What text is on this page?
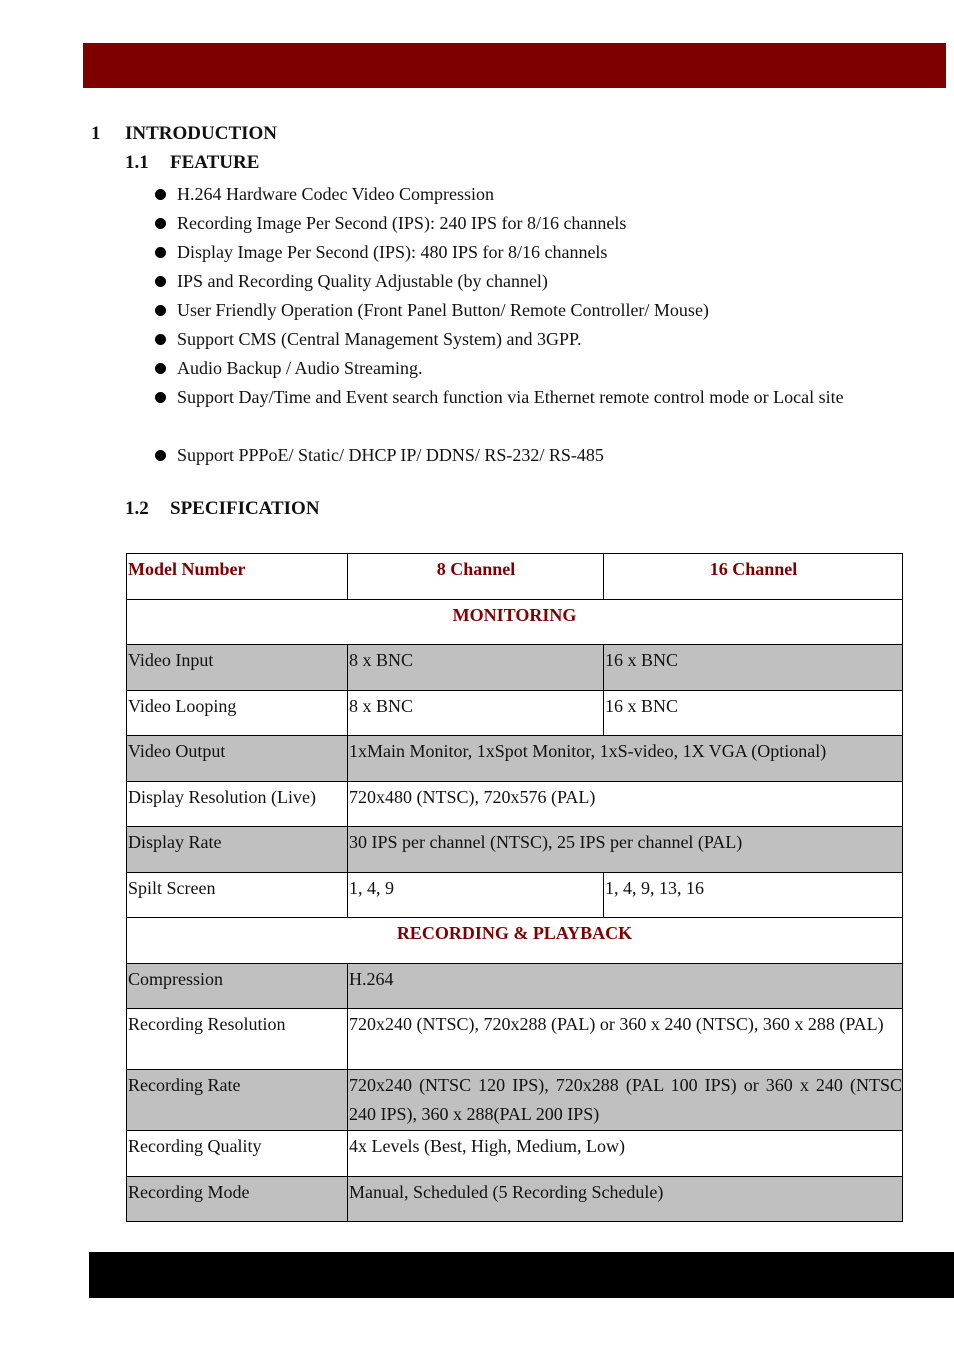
1 INTRODUCTION
1.1 FEATURE
H.264 Hardware Codec Video Compression
Recording Image Per Second (IPS): 240 IPS for 8/16 channels
Display Image Per Second (IPS): 480 IPS for 8/16 channels
IPS and Recording Quality Adjustable (by channel)
User Friendly Operation (Front Panel Button/ Remote Controller/ Mouse)
Support CMS (Central Management System) and 3GPP.
Audio Backup / Audio Streaming.
Support Day/Time and Event search function via Ethernet remote control mode or Local site
Support PPPoE/ Static/ DHCP IP/ DDNS/ RS-232/ RS-485
1.2 SPECIFICATION
Model Number	8 Channel	16 Channel
MONITORING		
Video Input	8 x BNC	16 x BNC
Video Looping	8 x BNC	16 x BNC
Video Output	1xMain Monitor, 1xSpot Monitor, 1xS-video, 1X VGA (Optional)	
Display Resolution (Live)	720x480 (NTSC), 720x576 (PAL)	
Display Rate	30 IPS per channel (NTSC), 25 IPS per channel (PAL)	
Spilt Screen	1, 4, 9	1, 4, 9, 13, 16
RECORDING & PLAYBACK		
Compression	H.264	
Recording Resolution	720x240 (NTSC), 720x288 (PAL) or 360 x 240 (NTSC), 360 x 288 (PAL)	
Recording Rate	720x240 (NTSC 120 IPS), 720x288 (PAL 100 IPS) or 360 x 240 (NTSC 240 IPS), 360 x 288(PAL 200 IPS)	
Recording Quality	4x Levels (Best, High, Medium, Low)	
Recording Mode	Manual, Scheduled (5 Recording Schedule)	
